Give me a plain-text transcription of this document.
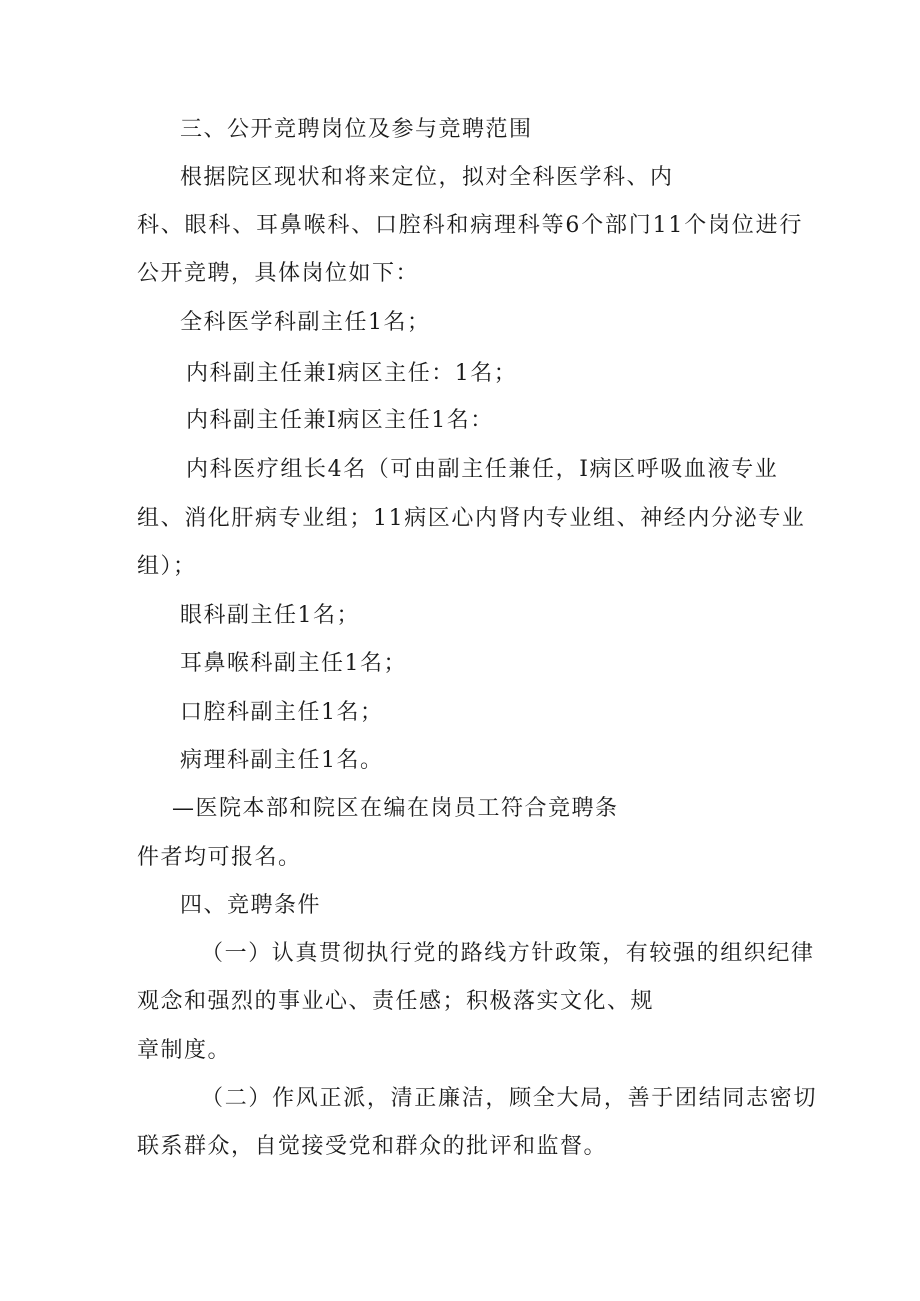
三、公开竞聘岗位及参与竞聘范围
根据院区现状和将来定位，拟对全科医学科、内
科、眼科、耳鼻喉科、口腔科和病理科等6个部门11个岗位进行
公开竞聘，具体岗位如下：
全科医学科副主任1名；
内科副主任兼I病区主任：1名；
内科副主任兼I病区主任1名：
内科医疗组长4名（可由副主任兼任，I病区呼吸血液专业
组、消化肝病专业组；11病区心内肾内专业组、神经内分泌专业
组）；
眼科副主任1名；
耳鼻喉科副主任1名；
口腔科副主任1名；
病理科副主任1名。
—医院本部和院区在编在岗员工符合竞聘条
件者均可报名。
四、竞聘条件
（一）认真贯彻执行党的路线方针政策，有较强的组织纪律
观念和强烈的事业心、责任感；积极落实文化、规
章制度。
（二）作风正派，清正廉洁，顾全大局，善于团结同志密切
联系群众，自觉接受党和群众的批评和监督。
